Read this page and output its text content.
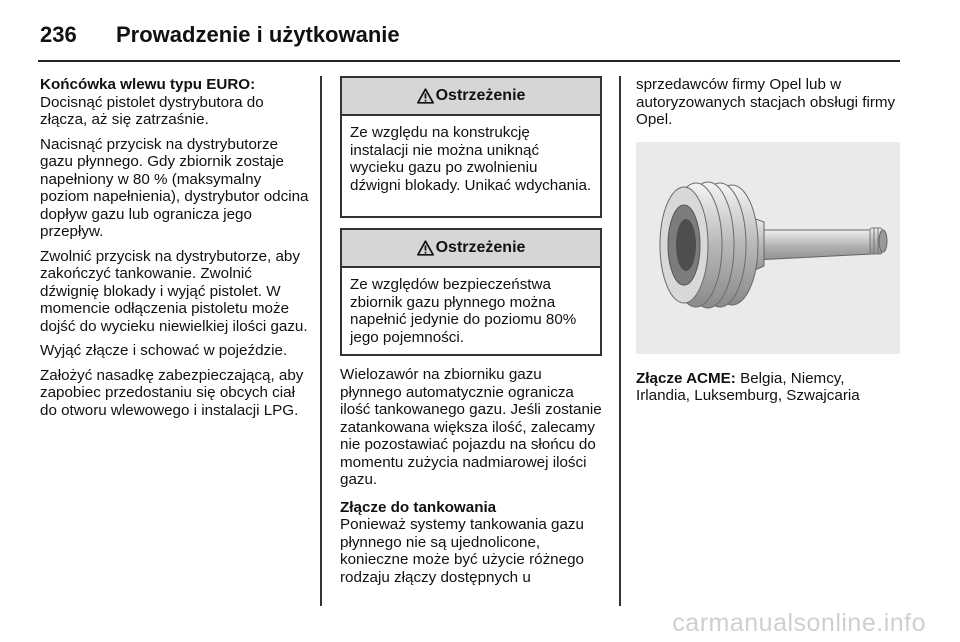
236	Prowadzenie i użytkowanie

Końcówka wlewu typu EURO:
Docisnąć pistolet dystrybutora do złącza, aż się zatrzaśnie.

Nacisnąć przycisk na dystrybutorze gazu płynnego. Gdy zbiornik zostaje napełniony w 80 % (maksymalny poziom napełnienia), dystrybutor odcina dopływ gazu lub ogranicza jego przepływ.

Zwolnić przycisk na dystrybutorze, aby zakończyć tankowanie. Zwolnić dźwignię blokady i wyjąć pistolet. W momencie odłączenia pistoletu może dojść do wycieku niewielkiej ilości gazu.

Wyjąć złącze i schować w pojeździe.

Założyć nasadkę zabezpieczającą, aby zapobiec przedostaniu się obcych ciał do otworu wlewowego i instalacji LPG.

Ostrzeżenie
Ze względu na konstrukcję instalacji nie można uniknąć wycieku gazu po zwolnieniu dźwigni blokady. Unikać wdychania.
Ostrzeżenie
Ze względów bezpieczeństwa zbiornik gazu płynnego można napełnić jedynie do poziomu 80% jego pojemności.

Wielozawór na zbiorniku gazu płynnego automatycznie ogranicza ilość tankowanego gazu. Jeśli zostanie zatankowana większa ilość, zalecamy nie pozostawiać pojazdu na słońcu do momentu zużycia nadmiarowej ilości gazu.

Złącze do tankowania
Ponieważ systemy tankowania gazu płynnego nie są ujednolicone, konieczne może być użycie różnego rodzaju złączy dostępnych u

sprzedawców firmy Opel lub w autoryzowanych stacjach obsługi firmy Opel.

Złącze ACME: Belgia, Niemcy, Irlandia, Luksemburg, Szwajcaria

carmanualsonline.info
